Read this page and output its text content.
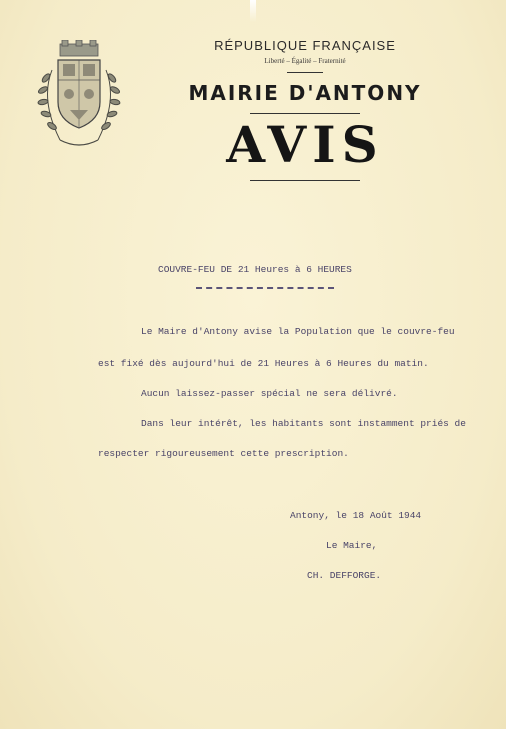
RÉPUBLIQUE FRANÇAISE
Liberté – Égalité – Fraternité
MAIRIE D'ANTONY
AVIS
COUVRE-FEU DE 21 Heures à 6 HEURES
Le Maire d'Antony avise la Population que le couvre-feu
est fixé dès aujourd'hui de 21 Heures à 6 Heures du matin.
Aucun laissez-passer spécial ne sera délivré.
Dans leur intérêt, les habitants sont instamment priés de
respecter rigoureusement cette prescription.
Antony, le 18 Août 1944
Le Maire,
CH. DEFFORGE.
